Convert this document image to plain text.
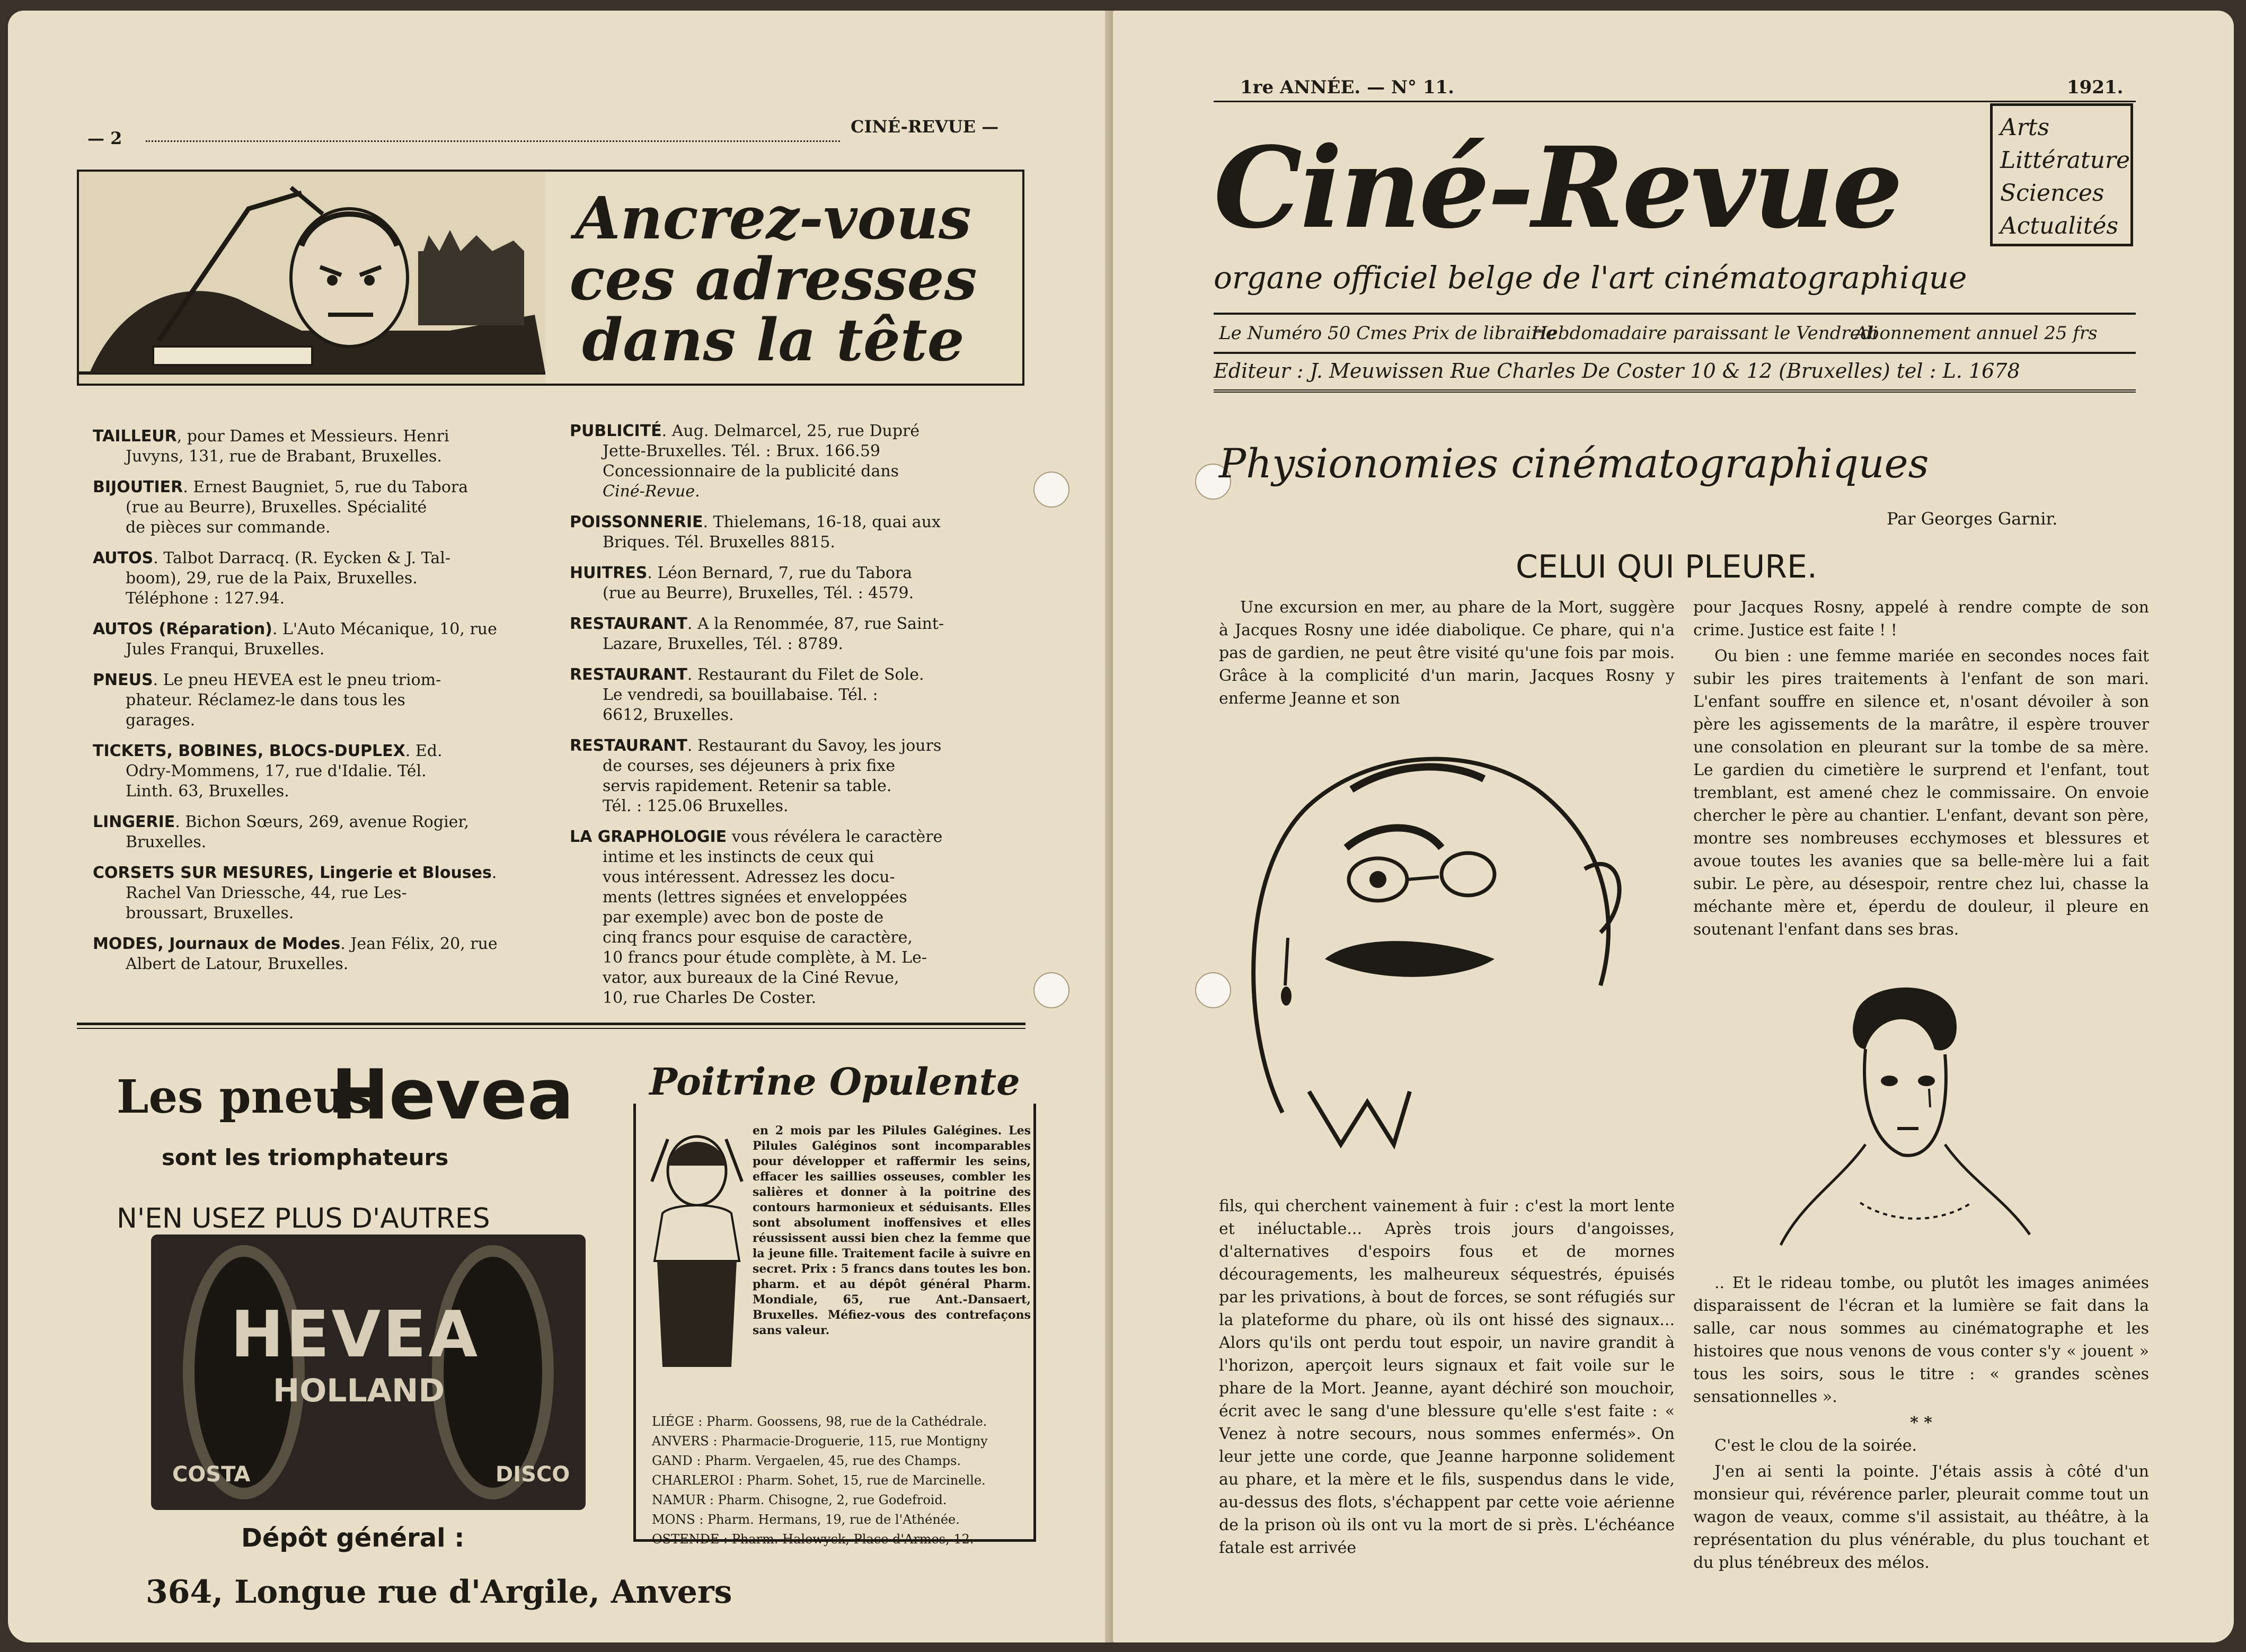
— 2
CINÉ-REVUE —
Ancrez-vous ces adresses dans la tête
TAILLEUR, pour Dames et Messieurs. Henri
Juvyns, 131, rue de Brabant, Bruxelles.
BIJOUTIER. Ernest Baugniet, 5, rue du Tabora
(rue au Beurre), Bruxelles. Spécialité
de pièces sur commande.
AUTOS. Talbot Darracq. (R. Eycken & J. Tal-
boom), 29, rue de la Paix, Bruxelles.
Téléphone : 127.94.
AUTOS (Réparation). L'Auto Mécanique, 10, rue
Jules Franqui, Bruxelles.
PNEUS. Le pneu HEVEA est le pneu triom-
phateur. Réclamez-le dans tous les
garages.
TICKETS, BOBINES, BLOCS-DUPLEX. Ed.
Odry-Mommens, 17, rue d'Idalie. Tél.
Linth. 63, Bruxelles.
LINGERIE. Bichon Sœurs, 269, avenue Rogier,
Bruxelles.
CORSETS SUR MESURES, Lingerie et Blouses.
Rachel Van Driessche, 44, rue Les-
broussart, Bruxelles.
MODES, Journaux de Modes. Jean Félix, 20, rue
Albert de Latour, Bruxelles.
PUBLICITÉ. Aug. Delmarcel, 25, rue Dupré
Jette-Bruxelles. Tél. : Brux. 166.59
Concessionnaire de la publicité dans
Ciné-Revue.
POISSONNERIE. Thielemans, 16-18, quai aux
Briques. Tél. Bruxelles 8815.
HUITRES. Léon Bernard, 7, rue du Tabora
(rue au Beurre), Bruxelles, Tél. : 4579.
RESTAURANT. A la Renommée, 87, rue Saint-
Lazare, Bruxelles, Tél. : 8789.
RESTAURANT. Restaurant du Filet de Sole.
Le vendredi, sa bouillabaise. Tél. :
6612, Bruxelles.
RESTAURANT. Restaurant du Savoy, les jours
de courses, ses déjeuners à prix fixe
servis rapidement. Retenir sa table.
Tél. : 125.06 Bruxelles.
LA GRAPHOLOGIE vous révélera le caractère
intime et les instincts de ceux qui
vous intéressent. Adressez les docu-
ments (lettres signées et enveloppées
par exemple) avec bon de poste de
cinq francs pour esquise de caractère,
10 francs pour étude complète, à M. Le-
vator, aux bureaux de la Ciné Revue,
10, rue Charles De Coster.
Les pneus
Hevea
sont les triomphateurs
N'EN USEZ PLUS D'AUTRES
HEVEA
HOLLAND
COSTA	DISCO
Dépôt général :
364, Longue rue d'Argile, Anvers
Poitrine Opulente
en 2 mois par les Pilules Galégines. Les Pilules Galéginos sont incomparables pour développer et raffermir les seins, effacer les saillies osseuses, combler les salières et donner à la poitrine des contours harmonieux et séduisants. Elles sont absolument inoffensives et elles réussissent aussi bien chez la femme que la jeune fille. Traitement facile à suivre en secret. Prix : 5 francs dans toutes les bon. pharm. et au dépôt général Pharm. Mondiale, 65, rue Ant.-Dansaert, Bruxelles. Méfiez-vous des contrefaçons sans valeur.
LIÉGE : Pharm. Goossens, 98, rue de la Cathédrale.
ANVERS : Pharmacie-Droguerie, 115, rue Montigny
GAND : Pharm. Vergaelen, 45, rue des Champs.
CHARLEROI : Pharm. Sohet, 15, rue de Marcinelle.
NAMUR : Pharm. Chisogne, 2, rue Godefroid.
MONS : Pharm. Hermans, 19, rue de l'Athénée.
OSTENDE : Pharm. Halewyck, Place d'Armes, 12.
1re ANNÉE. — N° 11.	1921.
Ciné-Revue	Arts
Littérature
Sciences
Actualités
organe officiel belge de l'art cinématographique
Le Numéro 50 Cmes Prix de librairie
Hebdomadaire paraissant le Vendredi
Abonnement annuel 25 frs
Editeur : J. Meuwissen Rue Charles De Coster 10 & 12 (Bruxelles) tel : L. 1678
Physionomies cinématographiques
Par Georges Garnir.
CELUI QUI PLEURE.

Une excursion en mer, au phare de la Mort, suggère à Jacques Rosny une idée diabolique. Ce phare, qui n'a pas de gardien, ne peut être visité qu'une fois par mois. Grâce à la complicité d'un marin, Jacques Rosny y enferme Jeanne et son

pour Jacques Rosny, appelé à rendre compte de son crime. Justice est faite ! !

Ou bien : une femme mariée en secondes noces fait subir les pires traitements à l'enfant de son mari. L'enfant souffre en silence et, n'osant dévoiler à son père les agissements de la marâtre, il espère trouver une consolation en pleurant sur la tombe de sa mère. Le gardien du cimetière le surprend et l'enfant, tout tremblant, est amené chez le commissaire. On envoie chercher le père au chantier. L'enfant, devant son père, montre ses nombreuses ecchymoses et blessures et avoue toutes les avanies que sa belle-mère lui a fait subir. Le père, au désespoir, rentre chez lui, chasse la méchante mère et, éperdu de douleur, il pleure en soutenant l'enfant dans ses bras.

fils, qui cherchent vainement à fuir : c'est la mort lente et inéluctable... Après trois jours d'angoisses, d'alternatives d'espoirs fous et de mornes découragements, les malheureux séquestrés, épuisés par les privations, à bout de forces, se sont réfugiés sur la plateforme du phare, où ils ont hissé des signaux... Alors qu'ils ont perdu tout espoir, un navire grandit à l'horizon, aperçoit leurs signaux et fait voile sur le phare de la Mort. Jeanne, ayant déchiré son mouchoir, écrit avec le sang d'une blessure qu'elle s'est faite : « Venez à notre secours, nous sommes enfermés». On leur jette une corde, que Jeanne harponne solidement au phare, et la mère et le fils, suspendus dans le vide, au-dessus des flots, s'échappent par cette voie aérienne de la prison où ils ont vu la mort de si près. L'échéance fatale est arrivée

.. Et le rideau tombe, ou plutôt les images animées disparaissent de l'écran et la lumière se fait dans la salle, car nous sommes au cinématographe et les histoires que nous venons de vous conter s'y « jouent » tous les soirs, sous le titre : « grandes scènes sensationnelles ».

* *

C'est le clou de la soirée.

J'en ai senti la pointe. J'étais assis à côté d'un monsieur qui, révérence parler, pleurait comme tout un wagon de veaux, comme s'il assistait, au théâtre, à la représentation du plus vénérable, du plus touchant et du plus ténébreux des mélos.
